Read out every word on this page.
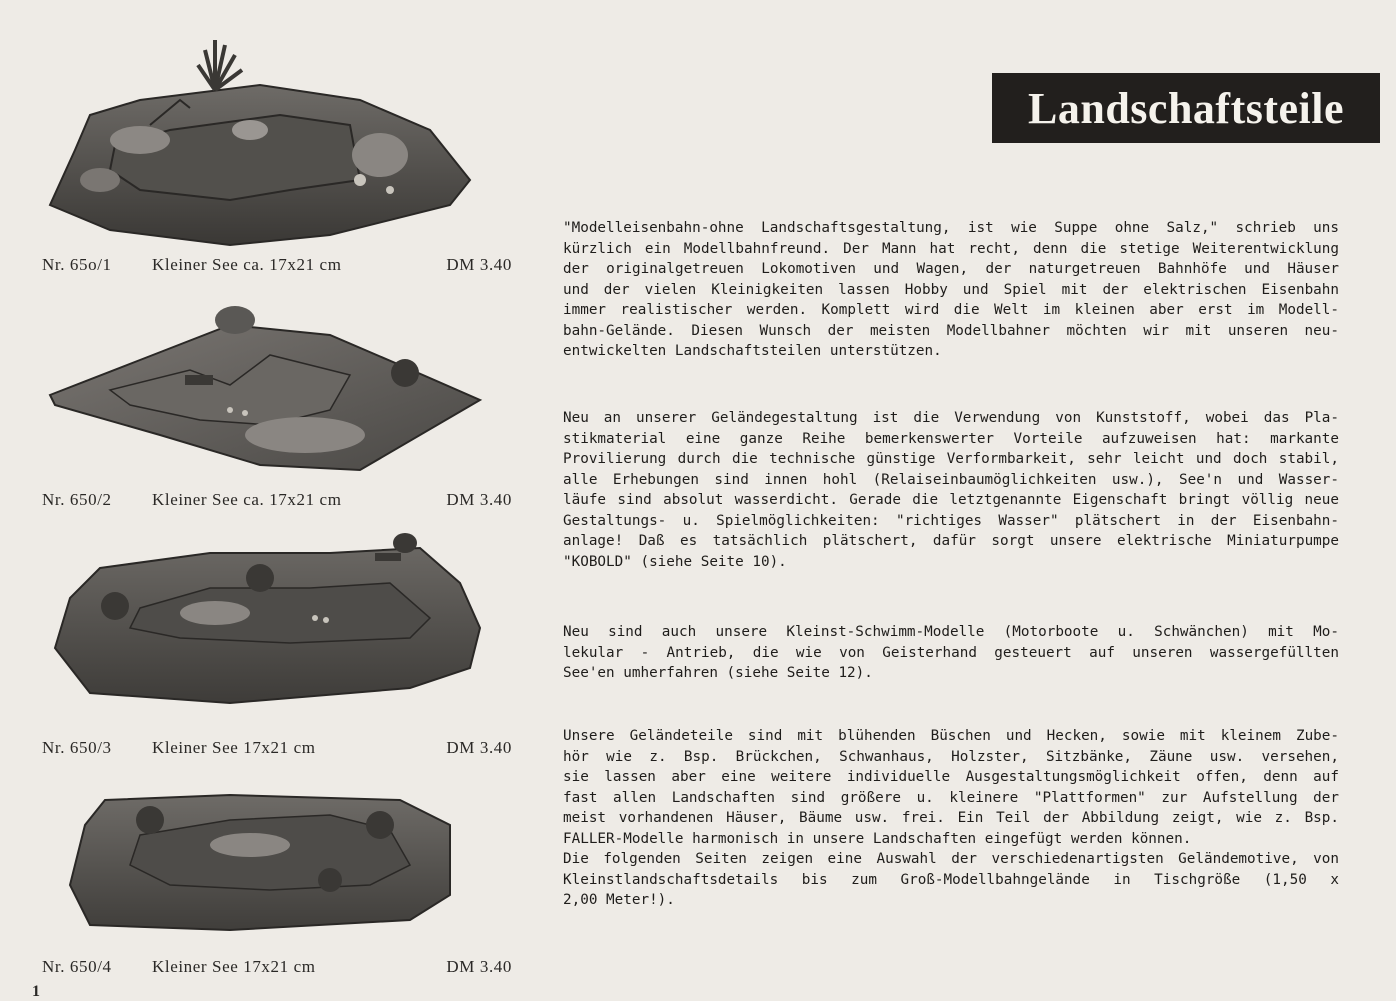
Nr. 65o/1 Kleiner See ca. 17x21 cm	DM 3.40
Nr. 650/2 Kleiner See ca. 17x21 cm	DM 3.40
Nr. 650/3 Kleiner See 17x21 cm	DM 3.40
Nr. 650/4 Kleiner See 17x21 cm	DM 3.40
Landschaftsteile
"Modelleisenbahn-ohne Landschaftsgestaltung, ist wie Suppe ohne Salz," schrieb uns
kürzlich ein Modellbahnfreund. Der Mann hat recht, denn die stetige Weiterentwicklung
der originalgetreuen Lokomotiven und Wagen, der naturgetreuen Bahnhöfe und Häuser
und der vielen Kleinigkeiten lassen Hobby und Spiel mit der elektrischen Eisenbahn
immer realistischer werden. Komplett wird die Welt im kleinen aber erst im Modell-
bahn-Gelände. Diesen Wunsch der meisten Modellbahner möchten wir mit unseren neu-
entwickelten Landschaftsteilen unterstützen.
Neu an unserer Geländegestaltung ist die Verwendung von Kunststoff, wobei das Pla-
stikmaterial eine ganze Reihe bemerkenswerter Vorteile aufzuweisen hat: markante
Provilierung durch die technische günstige Verformbarkeit, sehr leicht und doch stabil,
alle Erhebungen sind innen hohl (Relaiseinbaumöglichkeiten usw.), See'n und Wasser-
läufe sind absolut wasserdicht. Gerade die letztgenannte Eigenschaft bringt völlig neue
Gestaltungs- u. Spielmöglichkeiten: "richtiges Wasser" plätschert in der Eisenbahn-
anlage! Daß es tatsächlich plätschert, dafür sorgt unsere elektrische Miniaturpumpe
"KOBOLD" (siehe Seite 10).
Neu sind auch unsere Kleinst-Schwimm-Modelle (Motorboote u. Schwänchen) mit Mo-
lekular - Antrieb, die wie von Geisterhand gesteuert auf unseren wassergefüllten
See'en umherfahren (siehe Seite 12).
Unsere Geländeteile sind mit blühenden Büschen und Hecken, sowie mit kleinem Zube-
hör wie z. Bsp. Brückchen, Schwanhaus, Holzster, Sitzbänke, Zäune usw. versehen,
sie lassen aber eine weitere individuelle Ausgestaltungsmöglichkeit offen, denn auf
fast allen Landschaften sind größere u. kleinere "Plattformen" zur Aufstellung der
meist vorhandenen Häuser, Bäume usw. frei. Ein Teil der Abbildung zeigt, wie z. Bsp.
FALLER-Modelle harmonisch in unsere Landschaften eingefügt werden können.
Die folgenden Seiten zeigen eine Auswahl der verschiedenartigsten Geländemotive, von
Kleinstlandschaftsdetails bis zum Groß-Modellbahngelände in Tischgröße (1,50 x
2,00 Meter!).
1
